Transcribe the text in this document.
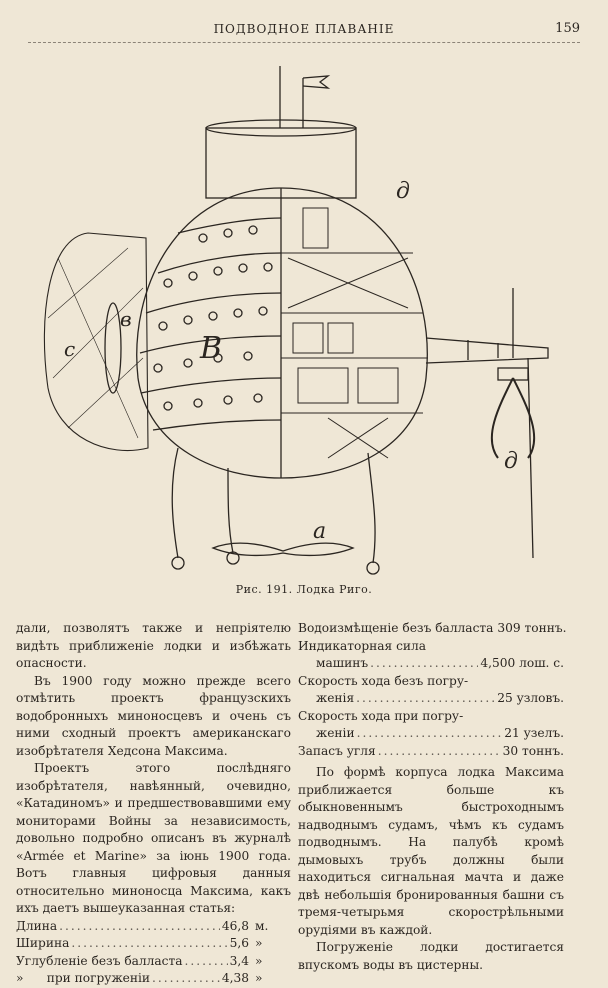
ПОДВОДНОЕ ПЛАВАНІЕ	159
в
В
с
д
д
а
Рис. 191. Лодка Риго.

дали, позволятъ также и непріятелю видѣть приближеніе лодки и избѣжать опасности.

Въ 1900 году можно прежде всего отмѣтить проектъ французскихъ водобронныхъ миноносцевъ и очень съ ними сходный проектъ американскаго изобрѣтателя Хедсона Максима.

Проектъ этого послѣдняго изобрѣтателя, навѣянный, очевидно, «Катадиномъ» и предшествовавшими ему мониторами Войны за независимость, довольно подробно описанъ въ журналѣ «Armée et Marine» за іюнь 1900 года. Вотъ главныя цифровыя данныя относительно миноносца Максима, какъ ихъ даетъ вышеуказанная статья:

Длина .....	46,8 м.
Ширина .....	5,6 »
Углубленіе безъ балласта .....	3,4 »
»      при погруженіи .....	4,38 »
Водоизмѣщеніе безъ балласта 309 тоннъ.
Индикаторная сила
машинъ .....	4,500 лош. с.
Скорость хода безъ погру-
женія .....	25 узловъ.
Скорость хода при погру-
женіи .....	21 узелъ.
Запасъ угля .....	30 тоннъ.

По формѣ корпуса лодка Максима приближается больше къ обыкновеннымъ быстроходнымъ надводнымъ судамъ, чѣмъ къ судамъ подводнымъ. На палубѣ кромѣ дымовыхъ трубъ должны были находиться сигнальная мачта и даже двѣ небольшія бронированныя башни съ тремя-четырьмя скорострѣльными орудіями въ каждой.

Погруженіе лодки достигается впускомъ воды въ цистерны.
